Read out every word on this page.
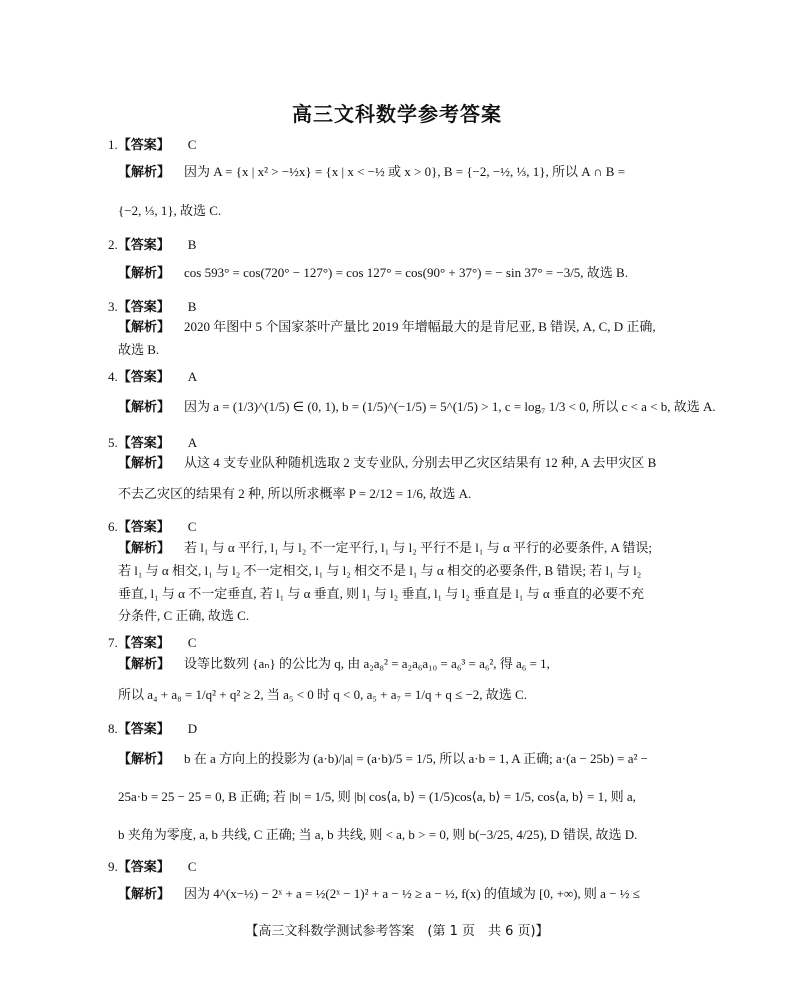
高三文科数学参考答案
1.【答案】 C
【解析】 因为 A = {x | x² > −½x} = {x | x < −½ 或 x > 0}, B = {−2, −½, ⅓, 1}, 所以 A ∩ B =
{−2, ⅓, 1}, 故选 C.
2.【答案】 B
【解析】 cos 593° = cos(720° − 127°) = cos 127° = cos(90° + 37°) = − sin 37° = −3/5, 故选 B.
3.【答案】 B
【解析】 2020 年图中 5 个国家茶叶产量比 2019 年增幅最大的是肯尼亚, B 错误, A, C, D 正确,
故选 B.
4.【答案】 A
【解析】 因为 a = (1/3)^(1/5) ∈ (0, 1), b = (1/5)^(−1/5) = 5^(1/5) > 1, c = log₇ 1/3 < 0, 所以 c < a < b, 故选 A.
5.【答案】 A
【解析】 从这 4 支专业队种随机选取 2 支专业队, 分别去甲乙灾区结果有 12 种, A 去甲灾区 B
不去乙灾区的结果有 2 种, 所以所求概率 P = 2/12 = 1/6, 故选 A.
6.【答案】 C
【解析】 若 l₁ 与 α 平行, l₁ 与 l₂ 不一定平行, l₁ 与 l₂ 平行不是 l₁ 与 α 平行的必要条件, A 错误;
若 l₁ 与 α 相交, l₁ 与 l₂ 不一定相交, l₁ 与 l₂ 相交不是 l₁ 与 α 相交的必要条件, B 错误; 若 l₁ 与 l₂
垂直, l₁ 与 α 不一定垂直, 若 l₁ 与 α 垂直, 则 l₁ 与 l₂ 垂直, l₁ 与 l₂ 垂直是 l₁ 与 α 垂直的必要不充
分条件, C 正确, 故选 C.
7.【答案】 C
【解析】 设等比数列 {aₙ} 的公比为 q, 由 a₂a₈² = a₂a₆a₁₀ = a₆³ = a₆², 得 a₆ = 1,
所以 a₄ + a₈ = 1/q² + q² ≥ 2, 当 a₅ < 0 时 q < 0, a₅ + a₇ = 1/q + q ≤ −2, 故选 C.
8.【答案】 D
【解析】 b 在 a 方向上的投影为 (a·b)/|a| = (a·b)/5 = 1/5, 所以 a·b = 1, A 正确; a·(a − 25b) = a² −
25a·b = 25 − 25 = 0, B 正确; 若 |b| = 1/5, 则 |b| cos⟨a, b⟩ = (1/5)cos⟨a, b⟩ = 1/5, cos⟨a, b⟩ = 1, 则 a,
b 夹角为零度, a, b 共线, C 正确; 当 a, b 共线, 则 < a, b > = 0, 则 b(−3/25, 4/25), D 错误, 故选 D.
9.【答案】 C
【解析】 因为 4^(x−½) − 2ˣ + a = ½(2ˣ − 1)² + a − ½ ≥ a − ½, f(x) 的值域为 [0, +∞), 则 a − ½ ≤
【高三文科数学测试参考答案　(第 1 页　共 6 页)】
